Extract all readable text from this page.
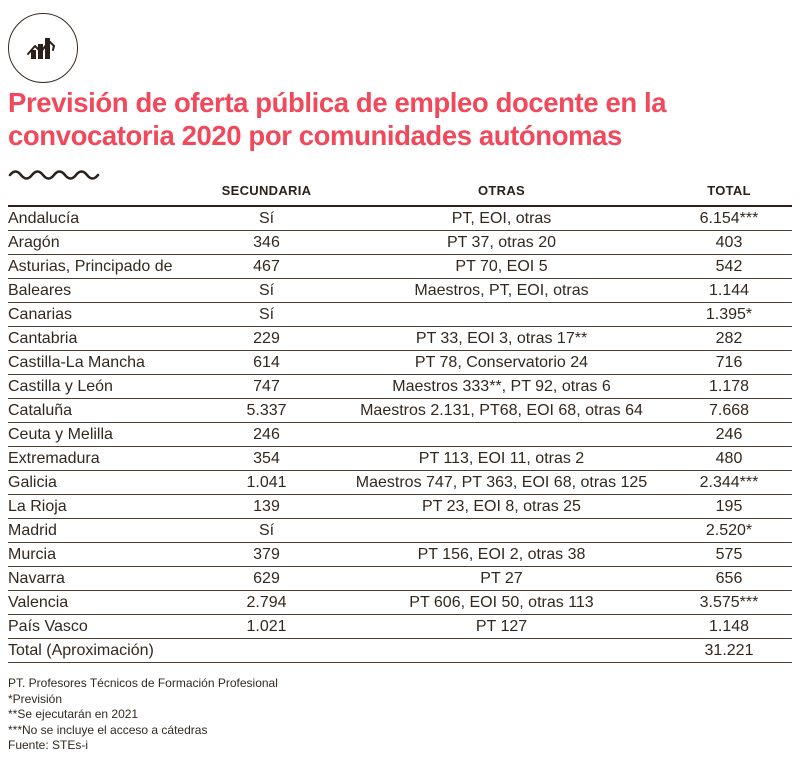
Previsión de oferta pública de empleo docente en la
convocatoria 2020 por comunidades autónomas
	SECUNDARIA	OTRAS	TOTAL
Andalucía	Sí	PT, EOI, otras	6.154***
Aragón	346	PT 37, otras 20	403
Asturias, Principado de	467	PT 70, EOI 5	542
Baleares	Sí	Maestros, PT, EOI, otras	1.144
Canarias	Sí		1.395*
Cantabria	229	PT 33, EOI 3, otras 17**	282
Castilla-La Mancha	614	PT 78, Conservatorio 24	716
Castilla y León	747	Maestros 333**, PT 92, otras 6	1.178
Cataluña	5.337	Maestros 2.131, PT68, EOI 68, otras 64	7.668
Ceuta y Melilla	246		246
Extremadura	354	PT 113, EOI 11, otras 2	480
Galicia	1.041	Maestros 747, PT 363, EOI 68, otras 125	2.344***
La Rioja	139	PT 23, EOI 8, otras 25	195
Madrid	Sí		2.520*
Murcia	379	PT 156, EOI 2, otras 38	575
Navarra	629	PT 27	656
Valencia	2.794	PT 606, EOI 50, otras 113	3.575***
País Vasco	1.021	PT 127	1.148
Total (Aproximación)			31.221

PT. Profesores Técnicos de Formación Profesional

*Previsión

**Se ejecutarán en 2021

***No se incluye el acceso a cátedras

Fuente: STEs-i
